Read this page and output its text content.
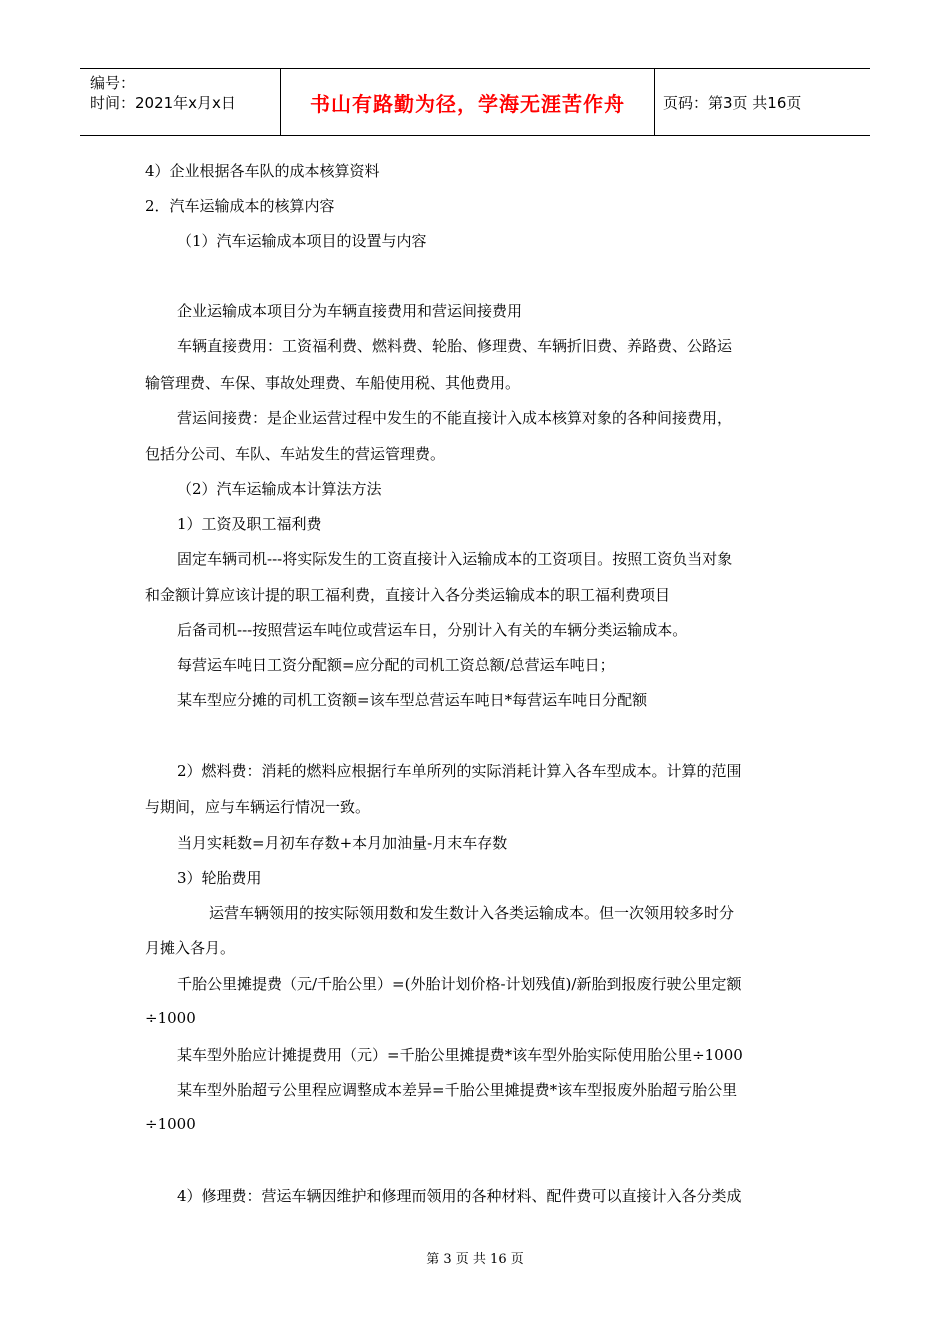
编号：
时间：2021年x月x日	书山有路勤为径，学海无涯苦作舟	页码：第3页 共16页
4）企业根据各车队的成本核算资料
2．汽车运输成本的核算内容
（1）汽车运输成本项目的设置与内容
企业运输成本项目分为车辆直接费用和营运间接费用
车辆直接费用：工资福利费、燃料费、轮胎、修理费、车辆折旧费、养路费、公路运
输管理费、车保、事故处理费、车船使用税、其他费用。
营运间接费：是企业运营过程中发生的不能直接计入成本核算对象的各种间接费用，
包括分公司、车队、车站发生的营运管理费。
（2）汽车运输成本计算法方法
1）工资及职工福利费
固定车辆司机---将实际发生的工资直接计入运输成本的工资项目。按照工资负当对象
和金额计算应该计提的职工福利费，直接计入各分类运输成本的职工福利费项目
后备司机---按照营运车吨位或营运车日，分别计入有关的车辆分类运输成本。
每营运车吨日工资分配额=应分配的司机工资总额/总营运车吨日；
某车型应分摊的司机工资额=该车型总营运车吨日*每营运车吨日分配额
2）燃料费：消耗的燃料应根据行车单所列的实际消耗计算入各车型成本。计算的范围
与期间，应与车辆运行情况一致。
当月实耗数=月初车存数+本月加油量-月末车存数
3）轮胎费用
运营车辆领用的按实际领用数和发生数计入各类运输成本。但一次领用较多时分
月摊入各月。
千胎公里摊提费（元/千胎公里）=(外胎计划价格-计划残值)/新胎到报废行驶公里定额
÷1000
某车型外胎应计摊提费用（元）=千胎公里摊提费*该车型外胎实际使用胎公里÷1000
某车型外胎超亏公里程应调整成本差异=千胎公里摊提费*该车型报废外胎超亏胎公里
÷1000
4）修理费：营运车辆因维护和修理而领用的各种材料、配件费可以直接计入各分类成
第 3 页 共 16 页
